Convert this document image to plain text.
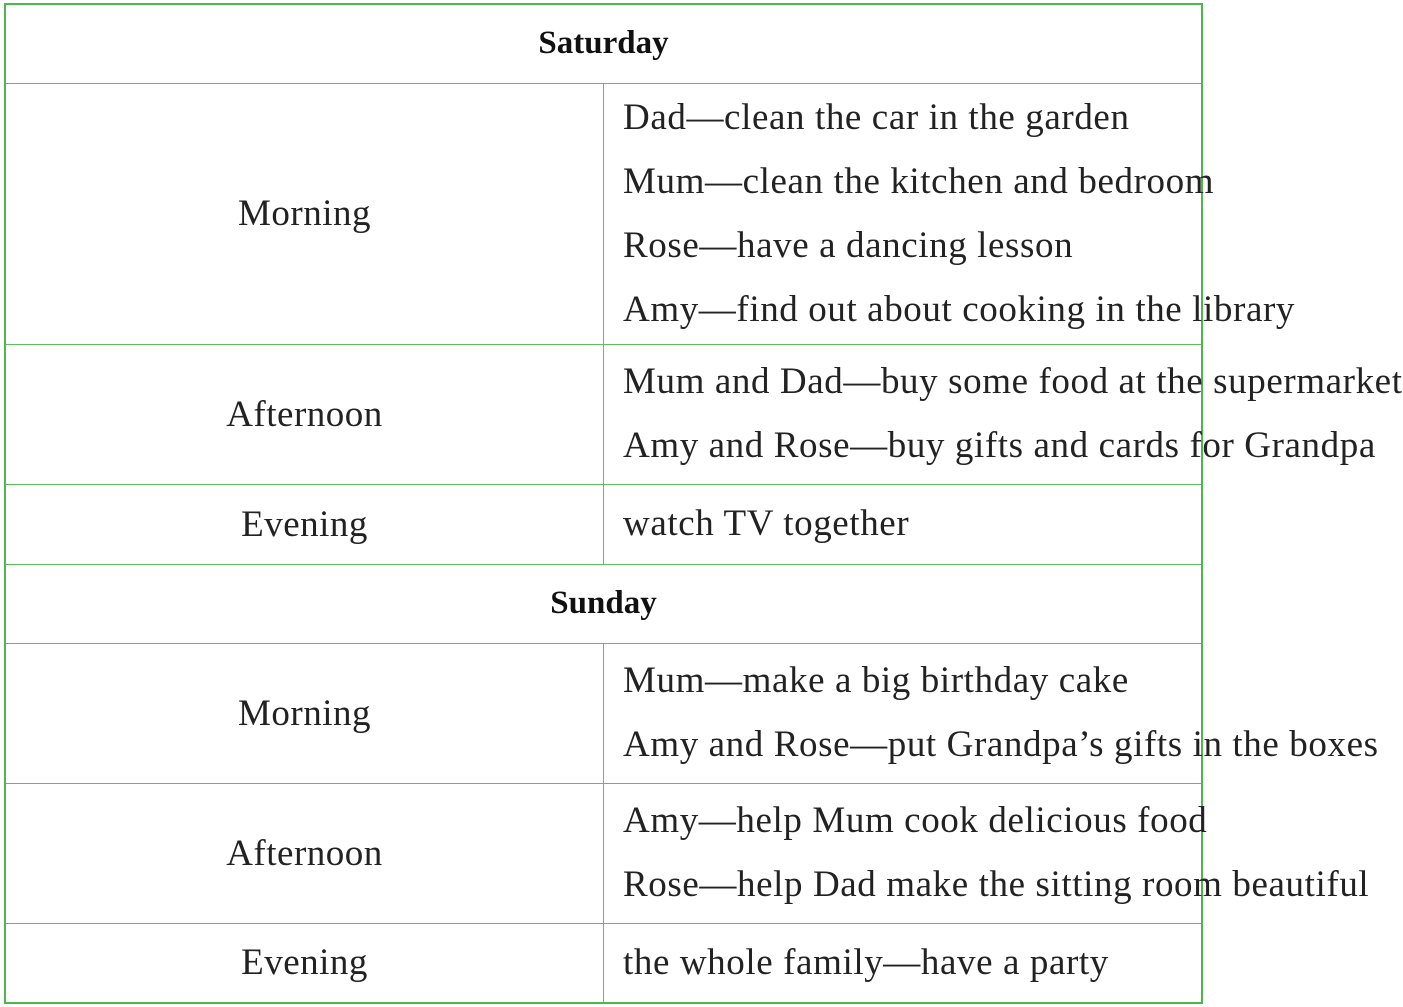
Saturday	
Morning	Dad—clean the car in the garden
Mum—clean the kitchen and bedroom
Rose—have a dancing lesson
Amy—find out about cooking in the library

Afternoon	Mum and Dad—buy some food at the supermarket
Amy and Rose—buy gifts and cards for Grandpa

Evening	watch TV together

Sunday	
Morning	Mum—make a big birthday cake
Amy and Rose—put Grandpa’s gifts in the boxes

Afternoon	Amy—help Mum cook delicious food
Rose—help Dad make the sitting room beautiful

Evening	the whole family—have a party
